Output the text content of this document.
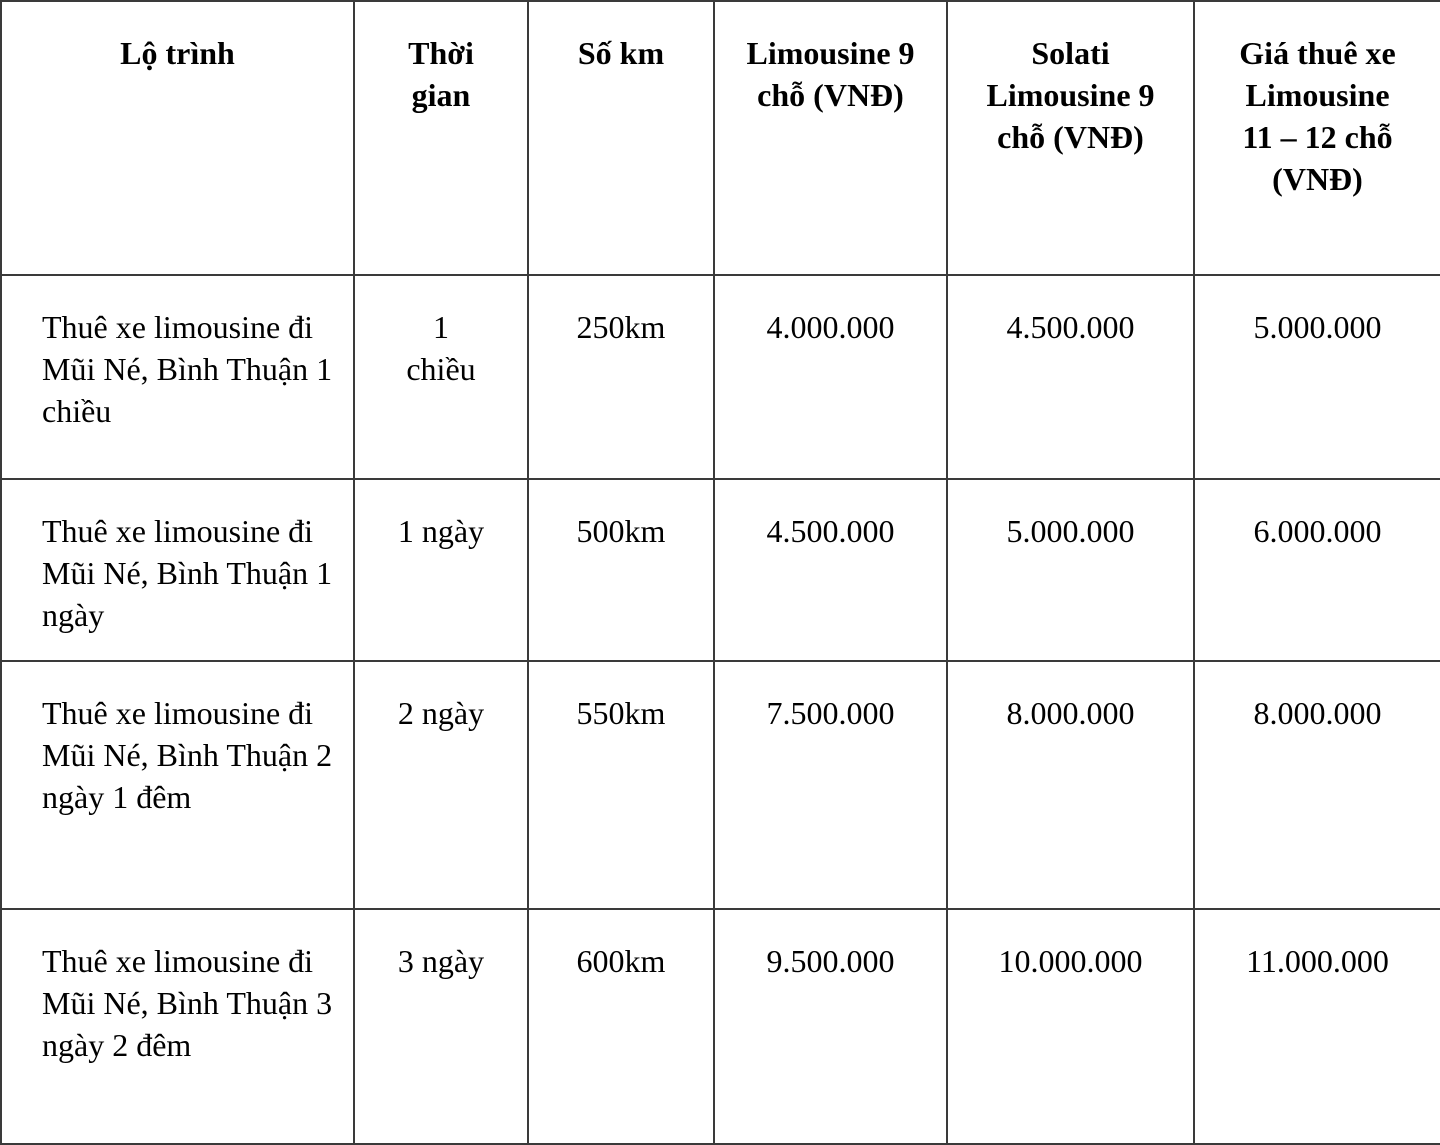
Lộ trình	Thời gian	Số km	Limousine 9 chỗ (VNĐ)	Solati Limousine 9 chỗ (VNĐ)	Giá thuê xe Limousine 11 – 12 chỗ (VNĐ)
Thuê xe limousine đi Mũi Né, Bình Thuận 1 chiều	1 chiều	250km	4.000.000	4.500.000	5.000.000
Thuê xe limousine đi Mũi Né, Bình Thuận 1 ngày	1 ngày	500km	4.500.000	5.000.000	6.000.000
Thuê xe limousine đi Mũi Né, Bình Thuận 2 ngày 1 đêm	2 ngày	550km	7.500.000	8.000.000	8.000.000
Thuê xe limousine đi Mũi Né, Bình Thuận 3 ngày 2 đêm	3 ngày	600km	9.500.000	10.000.000	11.000.000
